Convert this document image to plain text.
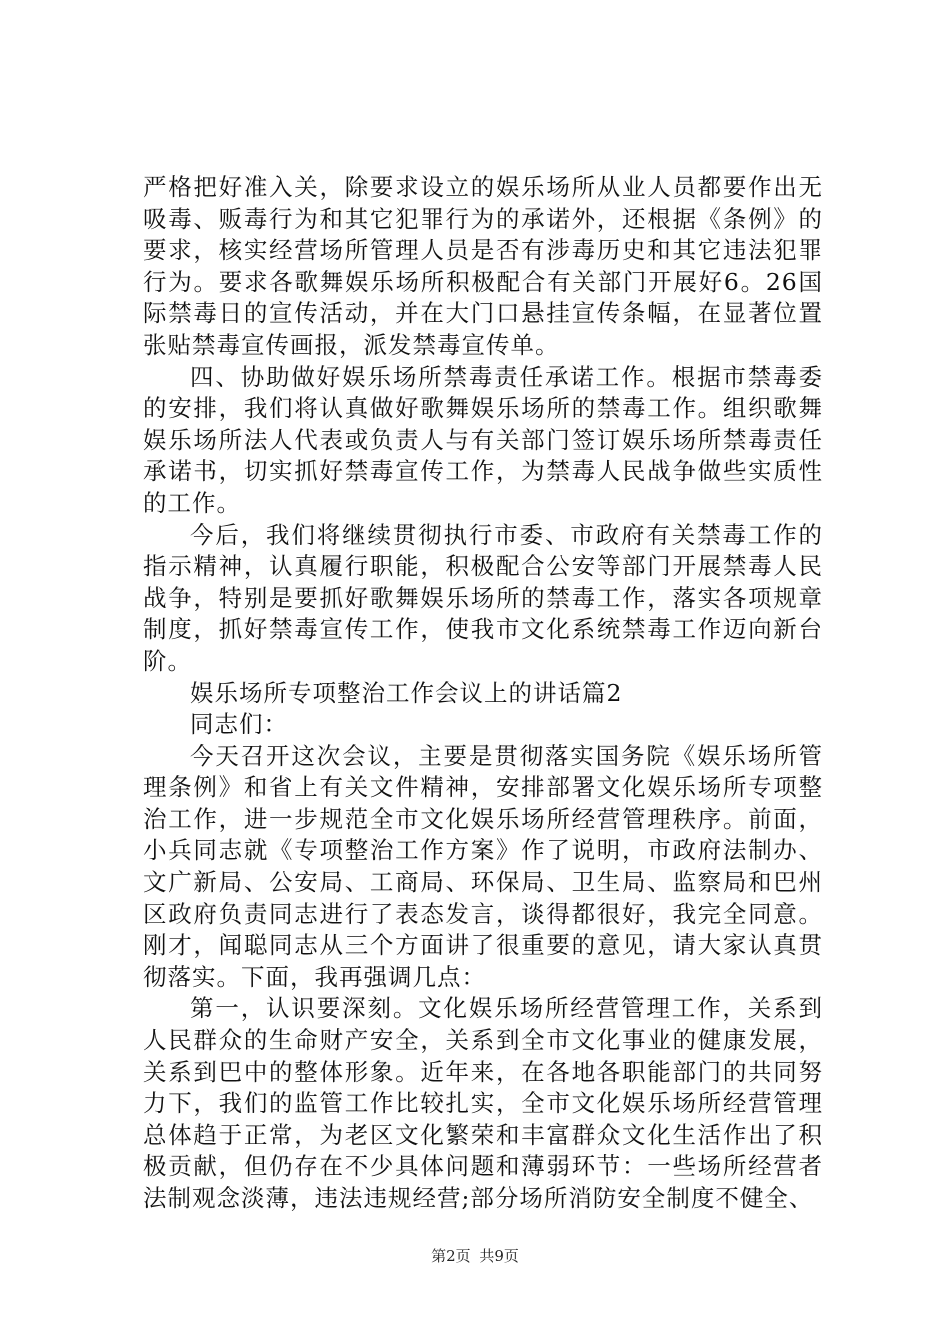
严格把好准入关，除要求设立的娱乐场所从业人员都要作出无吸毒、贩毒行为和其它犯罪行为的承诺外，还根据《条例》的要求，核实经营场所管理人员是否有涉毒历史和其它违法犯罪行为。要求各歌舞娱乐场所积极配合有关部门开展好6。26国际禁毒日的宣传活动，并在大门口悬挂宣传条幅，在显著位置张贴禁毒宣传画报，派发禁毒宣传单。

四、协助做好娱乐场所禁毒责任承诺工作。根据市禁毒委的安排，我们将认真做好歌舞娱乐场所的禁毒工作。组织歌舞娱乐场所法人代表或负责人与有关部门签订娱乐场所禁毒责任承诺书，切实抓好禁毒宣传工作，为禁毒人民战争做些实质性的工作。

今后，我们将继续贯彻执行市委、市政府有关禁毒工作的指示精神，认真履行职能，积极配合公安等部门开展禁毒人民战争，特别是要抓好歌舞娱乐场所的禁毒工作，落实各项规章制度，抓好禁毒宣传工作，使我市文化系统禁毒工作迈向新台阶。

娱乐场所专项整治工作会议上的讲话篇2

同志们：

今天召开这次会议，主要是贯彻落实国务院《娱乐场所管理条例》和省上有关文件精神，安排部署文化娱乐场所专项整治工作，进一步规范全市文化娱乐场所经营管理秩序。前面，小兵同志就《专项整治工作方案》作了说明，市政府法制办、文广新局、公安局、工商局、环保局、卫生局、监察局和巴州区政府负责同志进行了表态发言，谈得都很好，我完全同意。刚才，闻聪同志从三个方面讲了很重要的意见，请大家认真贯彻落实。下面，我再强调几点：

第一，认识要深刻。文化娱乐场所经营管理工作，关系到人民群众的生命财产安全，关系到全市文化事业的健康发展，关系到巴中的整体形象。近年来，在各地各职能部门的共同努力下，我们的监管工作比较扎实，全市文化娱乐场所经营管理总体趋于正常，为老区文化繁荣和丰富群众文化生活作出了积极贡献，但仍存在不少具体问题和薄弱环节：一些场所经营者法制观念淡薄，违法违规经营;部分场所消防安全制度不健全、

第2页 共9页
